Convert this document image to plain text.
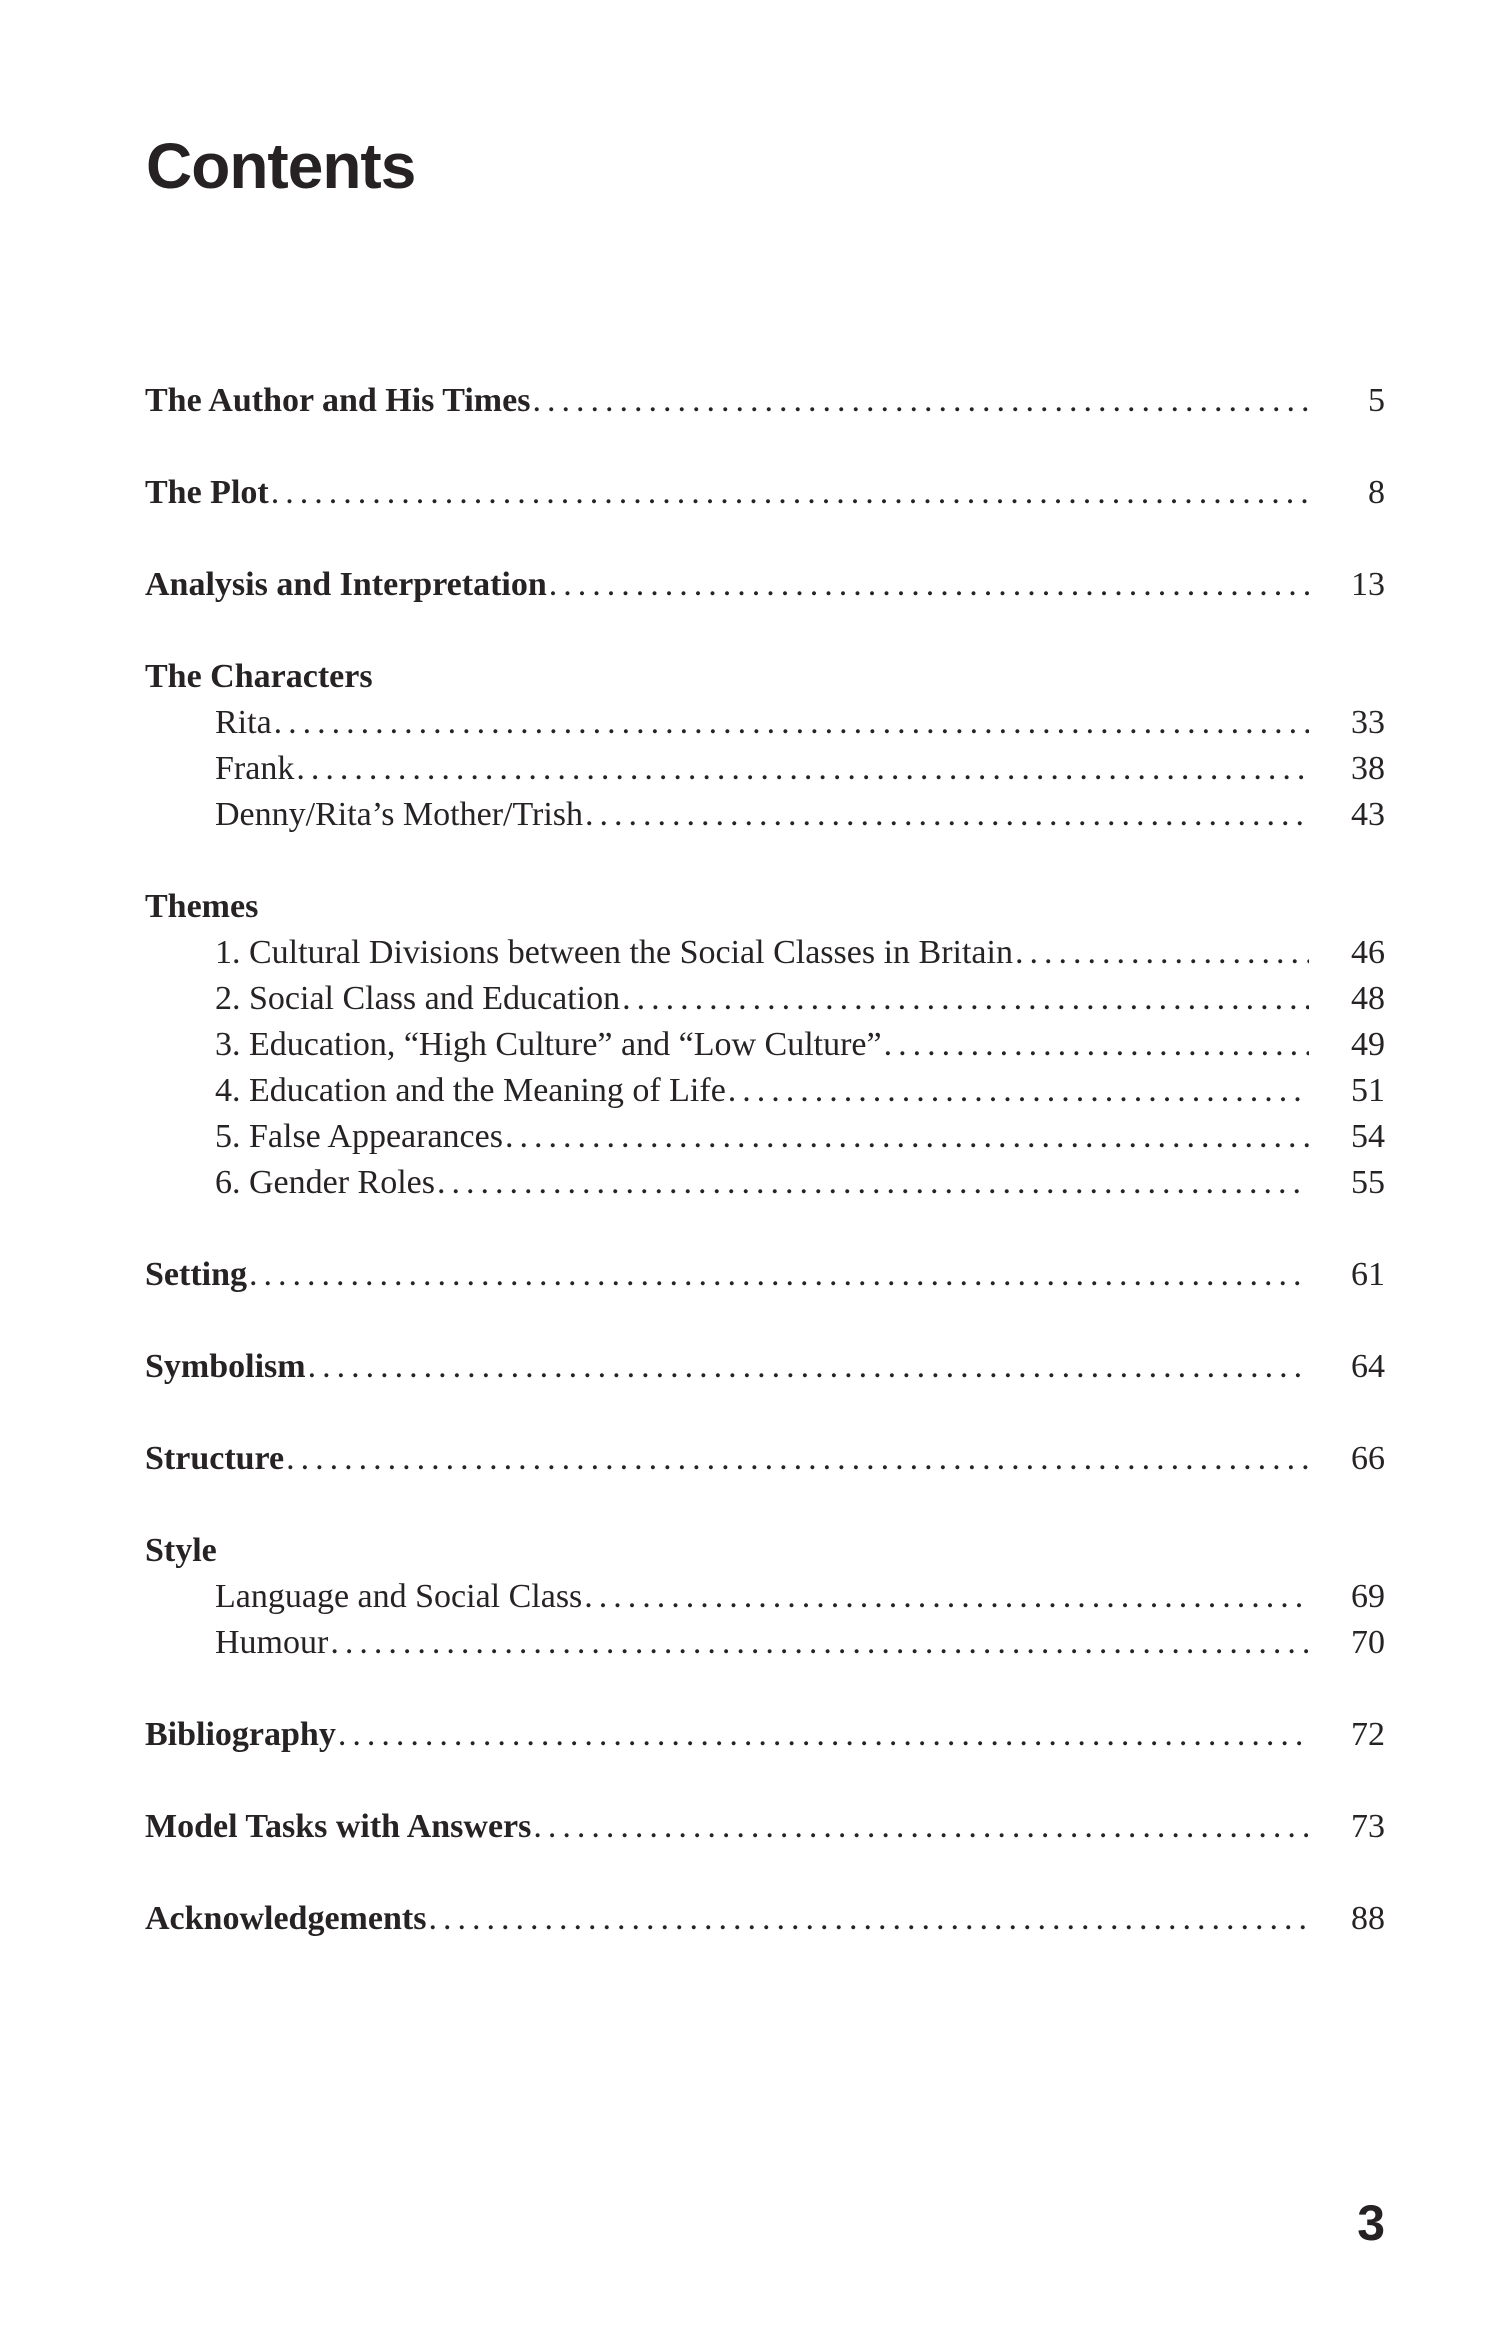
Contents
The Author and His Times .....	5
The Plot .....	8
Analysis and Interpretation .....	13
The Characters
Rita .....	33
Frank .....	38
Denny/Rita’s Mother/Trish .....	43
Themes
1. Cultural Divisions between the Social Classes in Britain .....	46
2. Social Class and Education .....	48
3. Education, “High Culture” and “Low Culture” .....	49
4. Education and the Meaning of Life .....	51
5. False Appearances .....	54
6. Gender Roles .....	55
Setting .....	61
Symbolism .....	64
Structure .....	66
Style
Language and Social Class .....	69
Humour .....	70
Bibliography .....	72
Model Tasks with Answers .....	73
Acknowledgements .....	88
3
